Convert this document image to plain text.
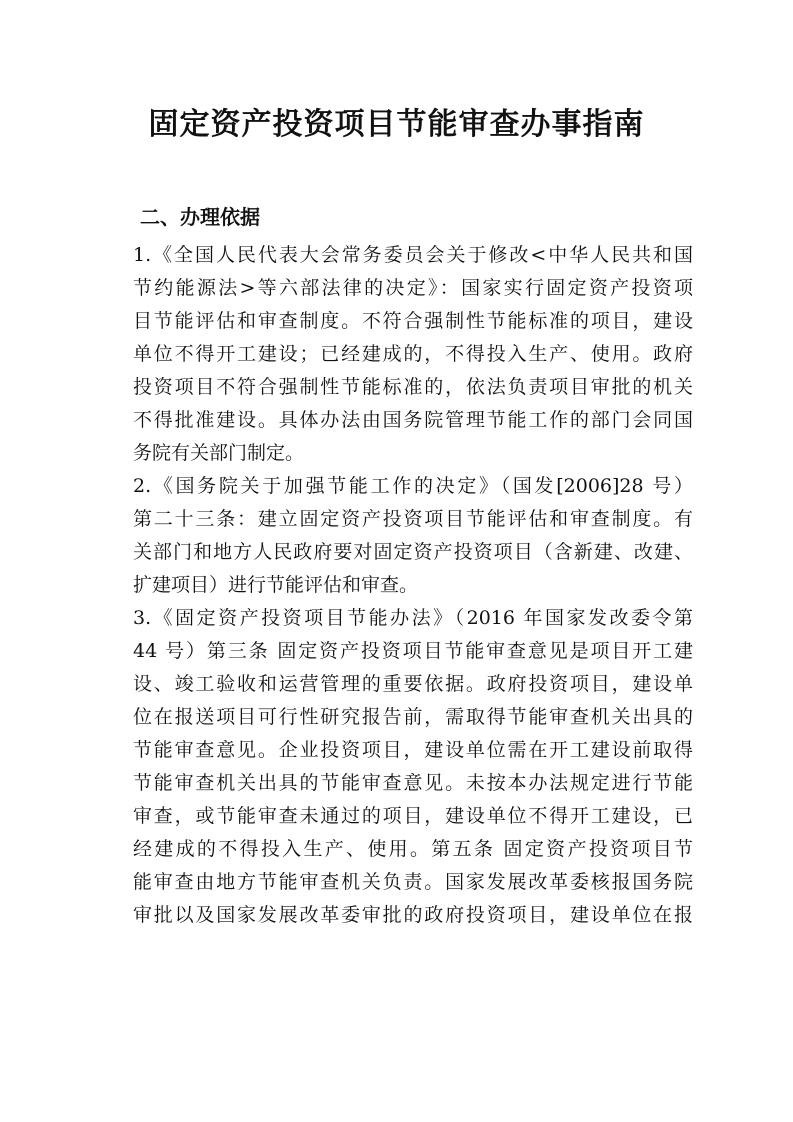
固定资产投资项目节能审查办事指南
二、办理依据
1.《全国人民代表大会常务委员会关于修改<中华人民共和国
节约能源法>等六部法律的决定》：国家实行固定资产投资项
目节能评估和审查制度。不符合强制性节能标准的项目，建设
单位不得开工建设；已经建成的，不得投入生产、使用。政府
投资项目不符合强制性节能标准的，依法负责项目审批的机关
不得批准建设。具体办法由国务院管理节能工作的部门会同国
务院有关部门制定。
2.《国务院关于加强节能工作的决定》（国发[2006]28 号）
第二十三条：建立固定资产投资项目节能评估和审查制度。有
关部门和地方人民政府要对固定资产投资项目（含新建、改建、
扩建项目）进行节能评估和审查。
3.《固定资产投资项目节能办法》（2016 年国家发改委令第
44 号）第三条 固定资产投资项目节能审查意见是项目开工建
设、竣工验收和运营管理的重要依据。政府投资项目，建设单
位在报送项目可行性研究报告前，需取得节能审查机关出具的
节能审查意见。企业投资项目，建设单位需在开工建设前取得
节能审查机关出具的节能审查意见。未按本办法规定进行节能
审查，或节能审查未通过的项目，建设单位不得开工建设，已
经建成的不得投入生产、使用。第五条 固定资产投资项目节
能审查由地方节能审查机关负责。国家发展改革委核报国务院
审批以及国家发展改革委审批的政府投资项目，建设单位在报
